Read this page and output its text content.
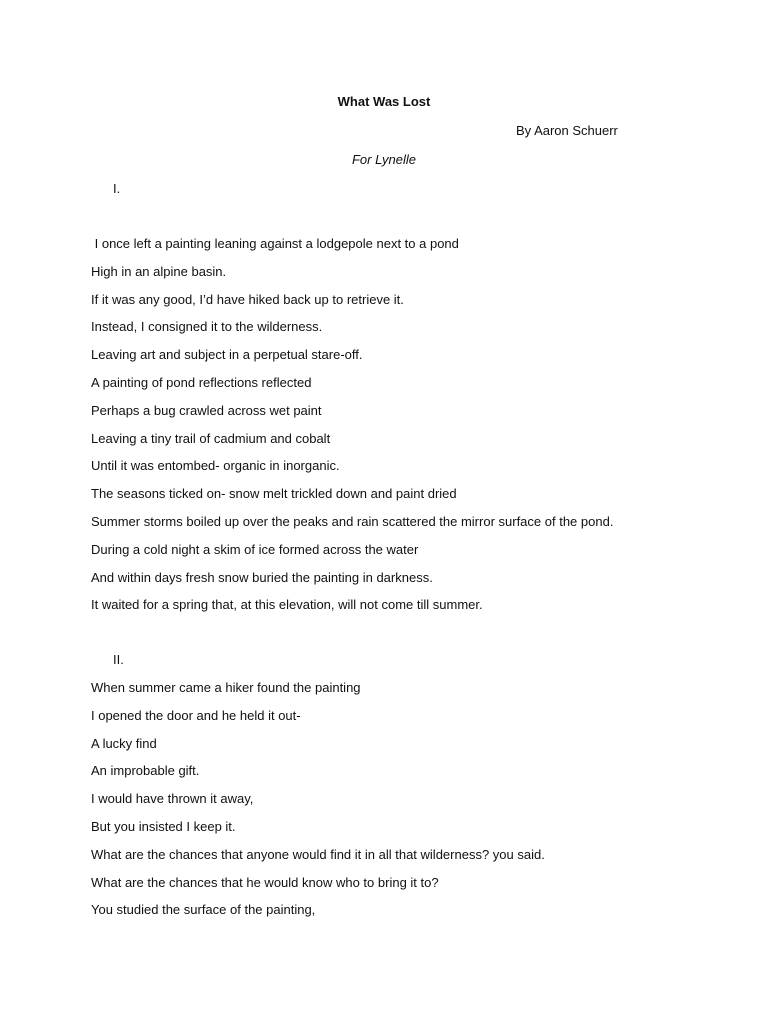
What Was Lost
By Aaron Schuerr
For Lynelle
I.
I once left a painting leaning against a lodgepole next to a pond
High in an alpine basin.
If it was any good, I’d have hiked back up to retrieve it.
Instead, I consigned it to the wilderness.
Leaving art and subject in a perpetual stare-off.
A painting of pond reflections reflected
Perhaps a bug crawled across wet paint
Leaving a tiny trail of cadmium and cobalt
Until it was entombed- organic in inorganic.
The seasons ticked on- snow melt trickled down and paint dried
Summer storms boiled up over the peaks and rain scattered the mirror surface of the pond.
During a cold night a skim of ice formed across the water
And within days fresh snow buried the painting in darkness.
It waited for a spring that, at this elevation, will not come till summer.
II.
When summer came a hiker found the painting
I opened the door and he held it out-
A lucky find
An improbable gift.
I would have thrown it away,
But you insisted I keep it.
What are the chances that anyone would find it in all that wilderness? you said.
What are the chances that he would know who to bring it to?
You studied the surface of the painting,
